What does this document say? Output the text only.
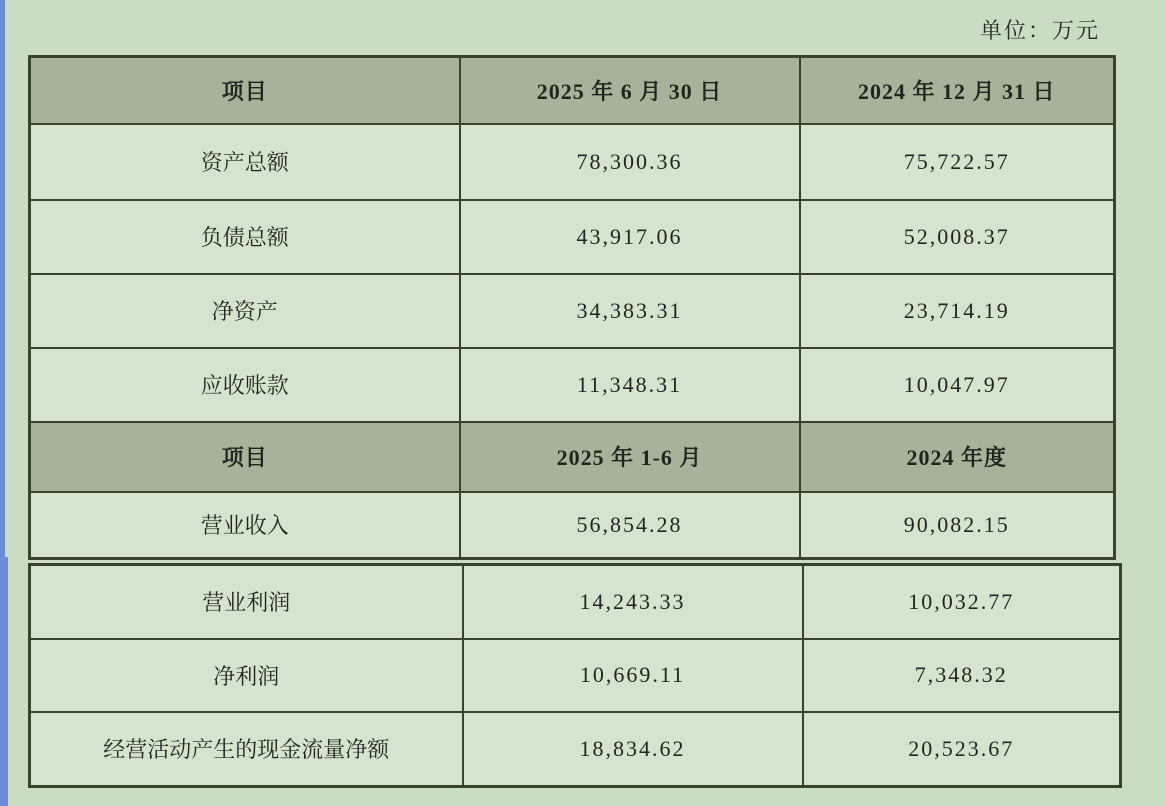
单位：万元
项目	2025 年 6 月 30 日	2024 年 12 月 31 日
资产总额	78,300.36	75,722.57
负债总额	43,917.06	52,008.37
净资产	34,383.31	23,714.19
应收账款	11,348.31	10,047.97
项目	2025 年 1-6 月	2024 年度
营业收入	56,854.28	90,082.15
营业利润	14,243.33	10,032.77
净利润	10,669.11	7,348.32
经营活动产生的现金流量净额	18,834.62	20,523.67
